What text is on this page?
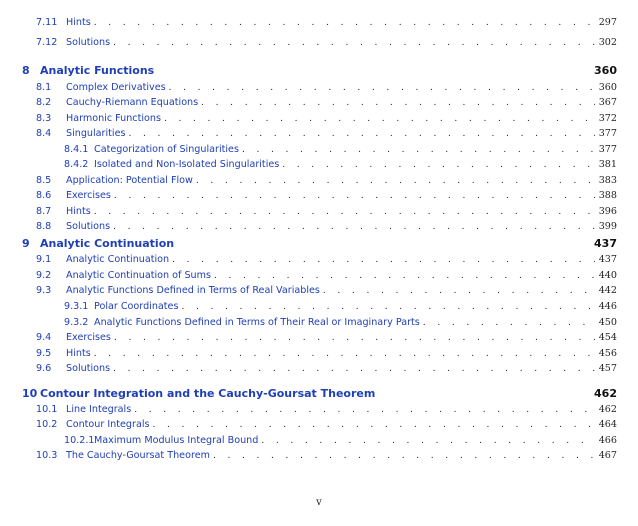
7.11 Hints . . .	297
7.12 Solutions . . .	302
8 Analytic Functions	360
8.1	Complex Derivatives . . .	360
8.2	Cauchy-Riemann Equations . . .	367
8.3	Harmonic Functions . . .	372
8.4	Singularities . . .	377
8.4.1 Categorization of Singularities . . .	377
8.4.2 Isolated and Non-Isolated Singularities . . .	381
8.5	Application: Potential Flow . . .	383
8.6	Exercises . . .	388
8.7	Hints . . .	396
8.8	Solutions . . .	399
9 Analytic Continuation	437
9.1	Analytic Continuation . . .	437
9.2	Analytic Continuation of Sums . . .	440
9.3	Analytic Functions Defined in Terms of Real Variables . . .	442
9.3.1 Polar Coordinates . . .	446
9.3.2 Analytic Functions Defined in Terms of Their Real or Imaginary Parts . . .	450
9.4	Exercises . . .	454
9.5	Hints . . .	456
9.6	Solutions . . .	457
10 Contour Integration and the Cauchy-Goursat Theorem	462
10.1 Line Integrals . . .	462
10.2 Contour Integrals . . .	464
10.2.1 Maximum Modulus Integral Bound . . .	466
10.3 The Cauchy-Goursat Theorem . . .	467
v
